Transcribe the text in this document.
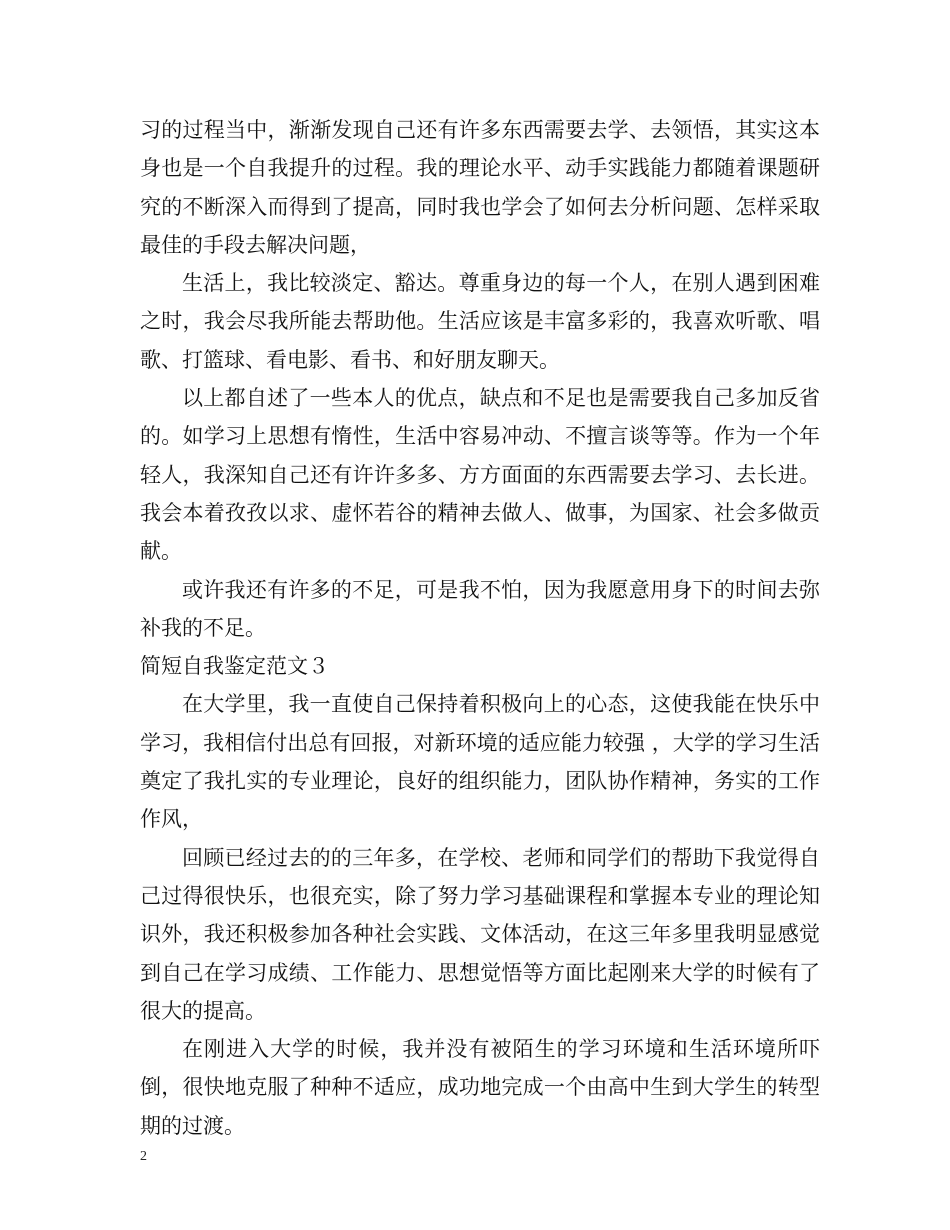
习的过程当中，渐渐发现自己还有许多东西需要去学、去领悟，其实这本身也是一个自我提升的过程。我的理论水平、动手实践能力都随着课题研究的不断深入而得到了提高，同时我也学会了如何去分析问题、怎样采取最佳的手段去解决问题，

生活上，我比较淡定、豁达。尊重身边的每一个人，在别人遇到困难之时，我会尽我所能去帮助他。生活应该是丰富多彩的，我喜欢听歌、唱歌、打篮球、看电影、看书、和好朋友聊天。

以上都自述了一些本人的优点，缺点和不足也是需要我自己多加反省的。如学习上思想有惰性，生活中容易冲动、不擅言谈等等。作为一个年轻人，我深知自己还有许许多多、方方面面的东西需要去学习、去长进。我会本着孜孜以求、虚怀若谷的精神去做人、做事，为国家、社会多做贡献。

或许我还有许多的不足，可是我不怕，因为我愿意用身下的时间去弥补我的不足。

简短自我鉴定范文３

在大学里，我一直使自己保持着积极向上的心态，这使我能在快乐中学习，我相信付出总有回报，对新环境的适应能力较强 ，大学的学习生活奠定了我扎实的专业理论，良好的组织能力，团队协作精神，务实的工作作风，

回顾已经过去的的三年多，在学校、老师和同学们的帮助下我觉得自己过得很快乐，也很充实，除了努力学习基础课程和掌握本专业的理论知识外，我还积极参加各种社会实践、文体活动，在这三年多里我明显感觉到自己在学习成绩、工作能力、思想觉悟等方面比起刚来大学的时候有了很大的提高。

在刚进入大学的时候，我并没有被陌生的学习环境和生活环境所吓倒，很快地克服了种种不适应，成功地完成一个由高中生到大学生的转型期的过渡。

2
